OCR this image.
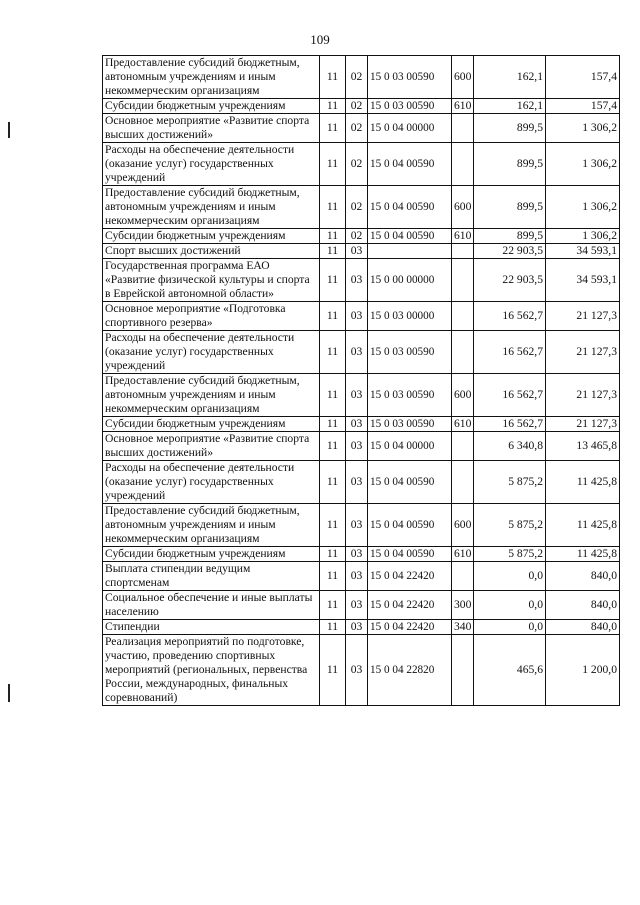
109
Предоставление субсидий бюджетным, автономным учреждениям и иным некоммерческим организациям	11	02	15 0 03 00590	600	162,1	157,4
Субсидии бюджетным учреждениям	11	02	15 0 03 00590	610	162,1	157,4
Основное мероприятие «Развитие спорта высших достижений»	11	02	15 0 04 00000		899,5	1 306,2
Расходы на обеспечение деятельности (оказание услуг) государственных учреждений	11	02	15 0 04 00590		899,5	1 306,2
Предоставление субсидий бюджетным, автономным учреждениям и иным некоммерческим организациям	11	02	15 0 04 00590	600	899,5	1 306,2
Субсидии бюджетным учреждениям	11	02	15 0 04 00590	610	899,5	1 306,2
Спорт высших достижений	11	03			22 903,5	34 593,1
Государственная программа ЕАО «Развитие физической культуры и спорта в Еврейской автономной области»	11	03	15 0 00 00000		22 903,5	34 593,1
Основное мероприятие «Подготовка спортивного резерва»	11	03	15 0 03 00000		16 562,7	21 127,3
Расходы на обеспечение деятельности (оказание услуг) государственных учреждений	11	03	15 0 03 00590		16 562,7	21 127,3
Предоставление субсидий бюджетным, автономным учреждениям и иным некоммерческим организациям	11	03	15 0 03 00590	600	16 562,7	21 127,3
Субсидии бюджетным учреждениям	11	03	15 0 03 00590	610	16 562,7	21 127,3
Основное мероприятие «Развитие спорта высших достижений»	11	03	15 0 04 00000		6 340,8	13 465,8
Расходы на обеспечение деятельности (оказание услуг) государственных учреждений	11	03	15 0 04 00590		5 875,2	11 425,8
Предоставление субсидий бюджетным, автономным учреждениям и иным некоммерческим организациям	11	03	15 0 04 00590	600	5 875,2	11 425,8
Субсидии бюджетным учреждениям	11	03	15 0 04 00590	610	5 875,2	11 425,8
Выплата стипендии ведущим спортсменам	11	03	15 0 04 22420		0,0	840,0
Социальное обеспечение и иные выплаты населению	11	03	15 0 04 22420	300	0,0	840,0
Стипендии	11	03	15 0 04 22420	340	0,0	840,0
Реализация мероприятий по подготовке, участию, проведению спортивных мероприятий (региональных, первенства России, международных, финальных соревнований)	11	03	15 0 04 22820		465,6	1 200,0
